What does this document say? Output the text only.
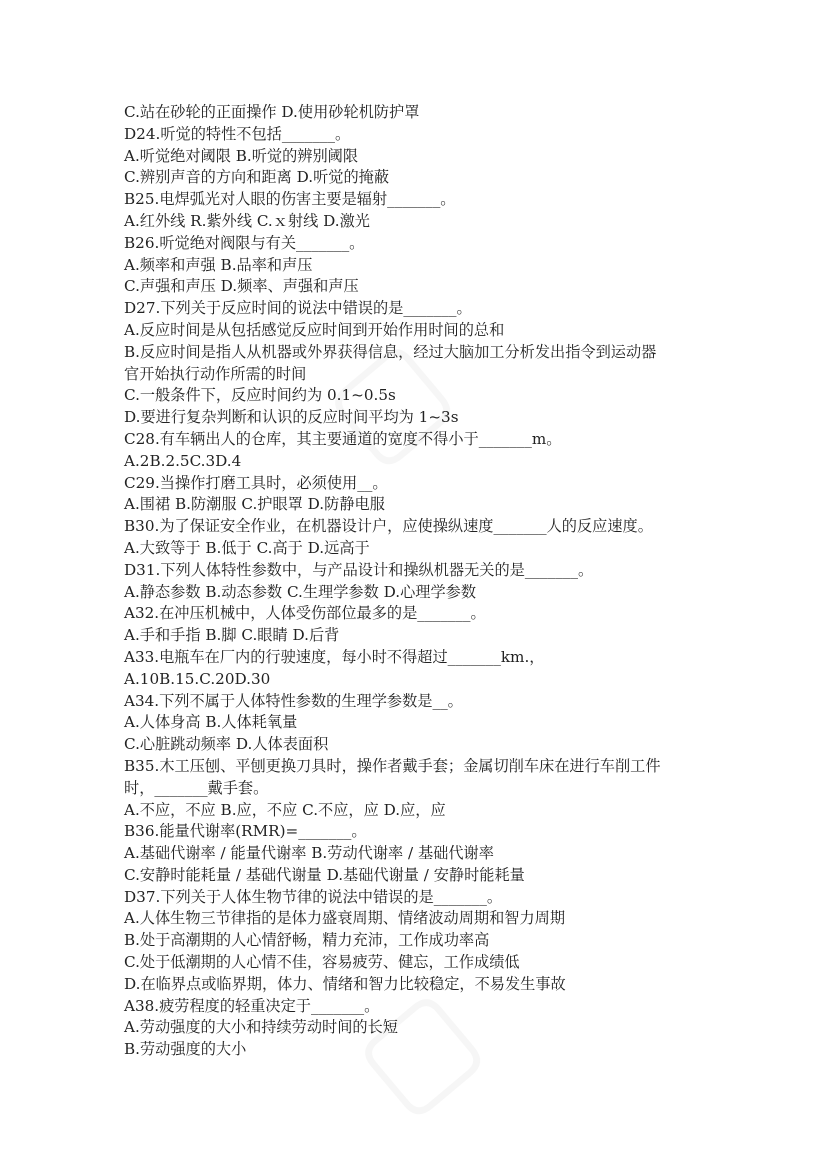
C.站在砂轮的正面操作 D.使用砂轮机防护罩
D24.听觉的特性不包括_______。
A.听觉绝对阈限 B.听觉的辨别阈限
C.辨别声音的方向和距离 D.听觉的掩蔽
B25.电焊弧光对人眼的伤害主要是辐射_______。
A.红外线 R.紫外线 C.ｘ射线 D.激光
B26.听觉绝对阀限与有关_______。
A.频率和声强 B.品率和声压
C.声强和声压 D.频率、声强和声压
D27.下列关于反应时间的说法中错误的是_______。
A.反应时间是从包括感觉反应时间到开始作用时间的总和
B.反应时间是指人从机器或外界获得信息，经过大脑加工分析发出指令到运动器
官开始执行动作所需的时间
C.一般条件下，反应时间约为 0.1~0.5s
D.要进行复杂判断和认识的反应时间平均为 1~3s
C28.有车辆出人的仓库，其主要通道的宽度不得小于_______m。
A.2B.2.5C.3D.4
C29.当操作打磨工具时，必须使用__。
A.围裙 B.防潮服 C.护眼罩 D.防静电服
B30.为了保证安全作业，在机器设计户，应使操纵速度_______人的反应速度。
A.大致等于 B.低于 C.高于 D.远高于
D31.下列人体特性参数中，与产品设计和操纵机器无关的是_______。
A.静态参数 B.动态参数 C.生理学参数 D.心理学参数
A32.在冲压机械中，人体受伤部位最多的是_______。
A.手和手指 B.脚 C.眼睛 D.后背
A33.电瓶车在厂内的行驶速度，每小时不得超过_______km.，
A.10B.15.C.20D.30
A34.下列不属于人体特性参数的生理学参数是__。
A.人体身高 B.人体耗氧量
C.心脏跳动频率 D.人体表面积
B35.木工压刨、平刨更换刀具时，操作者戴手套；金属切削车床在进行车削工件
时，_______戴手套。
A.不应，不应 B.应，不应 C.不应，应 D.应，应
B36.能量代谢率(RMR)=_______。
A.基础代谢率 / 能量代谢率 B.劳动代谢率 / 基础代谢率
C.安静时能耗量 / 基础代谢量 D.基础代谢量 / 安静时能耗量
D37.下列关于人体生物节律的说法中错误的是_______。
A.人体生物三节律指的是体力盛衰周期、情绪波动周期和智力周期
B.处于高潮期的人心情舒畅，精力充沛，工作成功率高
C.处于低潮期的人心情不佳，容易疲劳、健忘，工作成绩低
D.在临界点或临界期，体力、情绪和智力比较稳定，不易发生事故
A38.疲劳程度的轻重决定于_______。
A.劳动强度的大小和持续劳动时间的长短
B.劳动强度的大小
